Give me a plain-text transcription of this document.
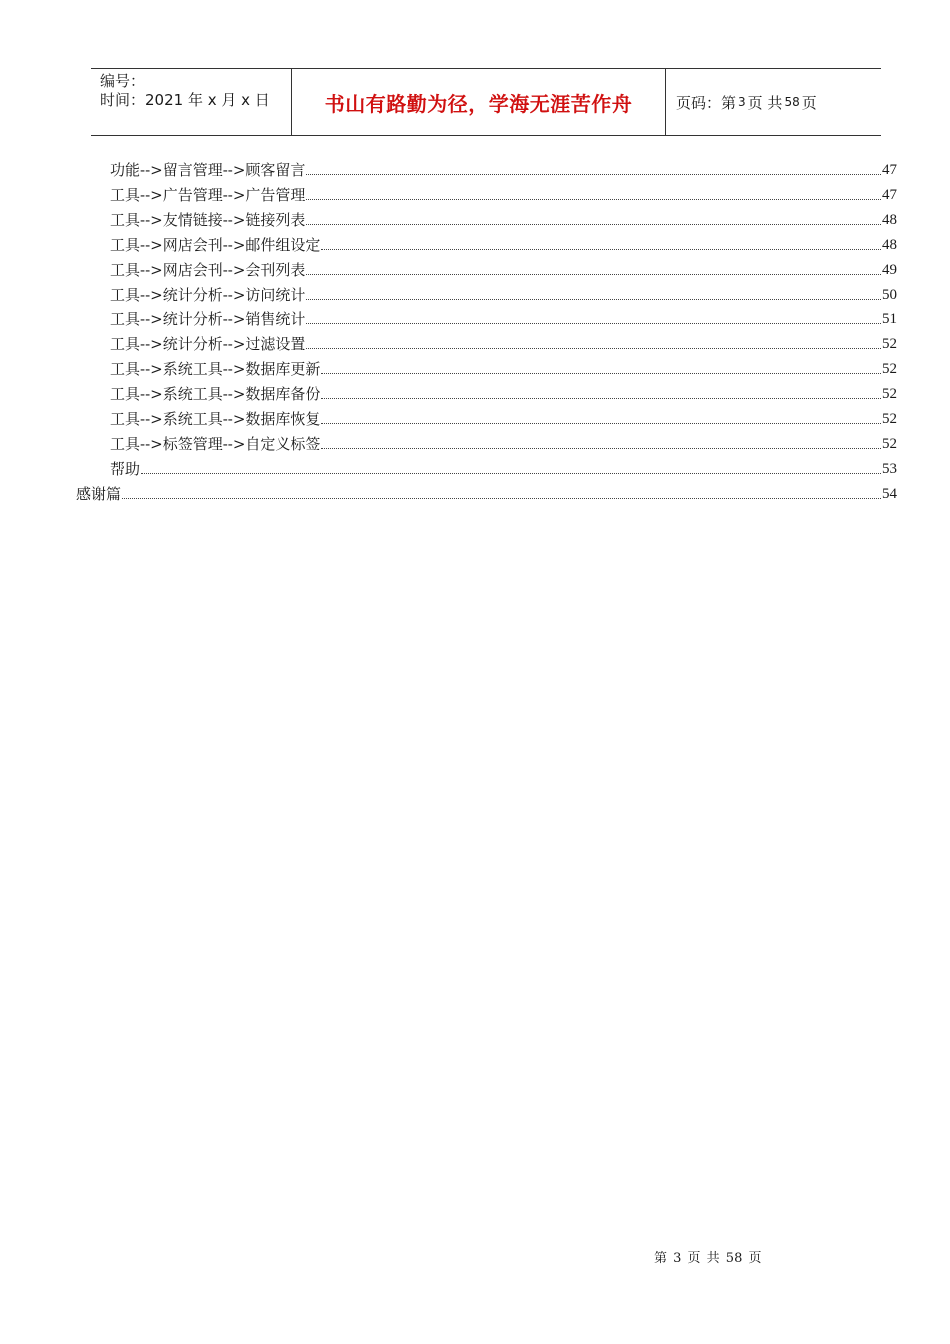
编号：
时间：2021 年 x 月 x 日	书山有路勤为径，学海无涯苦作舟	页码：第 3 页 共 58 页
功能-->留言管理-->顾客留言	47
工具-->广告管理-->广告管理	47
工具-->友情链接-->链接列表	48
工具-->网店会刊-->邮件组设定	48
工具-->网店会刊-->会刊列表	49
工具-->统计分析-->访问统计	50
工具-->统计分析-->销售统计	51
工具-->统计分析-->过滤设置	52
工具-->系统工具-->数据库更新	52
工具-->系统工具-->数据库备份	52
工具-->系统工具-->数据库恢复	52
工具-->标签管理-->自定义标签	52
帮助	53
感谢篇	54
第 3 页 共 58 页
